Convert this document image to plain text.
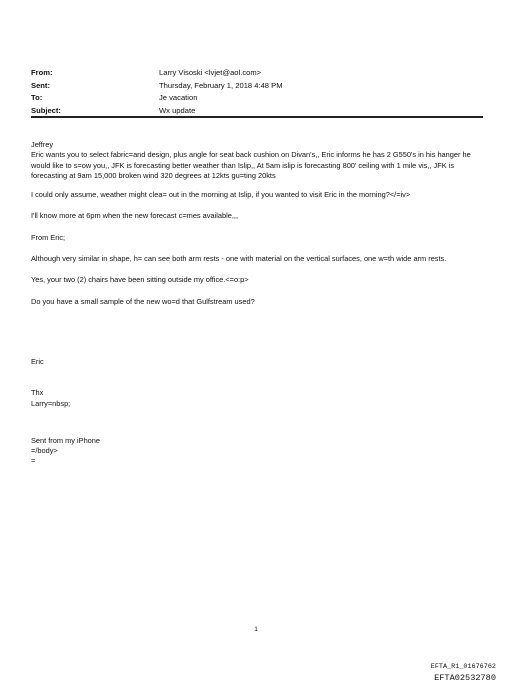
From:	Larry Visoski <lvjet@aol.com>
Sent:	Thursday, February 1, 2018 4:48 PM
To:	Je vacation
Subject:	Wx update

Jeffrey
Eric wants you to select fabric=and design, plus angle for seat back cushion on Divan's,, Eric informs he has 2 G550's in his hanger he would like to s=ow you,, JFK is forecasting better weather than Islip,, At 5am islip is forecasting 800' ceiling with 1 mile vis,, JFK is forecasting at 9am 15,000 broken wind 320 degrees at 12kts gu=ting 20kts

I could only assume, weather might clea= out in the morning at Islip, if you wanted to visit Eric in the morning?</=iv>

I'll know more at 6pm when the new forecast c=mes available,,,

From Eric;

Although very similar in shape, h= can see both arm rests - one with material on the vertical surfaces, one w=th wide arm rests.

Yes, your two (2) chairs have been sitting outside my office.<=o:p>

Do you have a small sample of the new wo=d that Gulfstream used?

Eric

Thx
Larry=nbsp;

Sent from my iPhone
=/body>
=

1
EFTA_R1_01676762
EFTA02532780
